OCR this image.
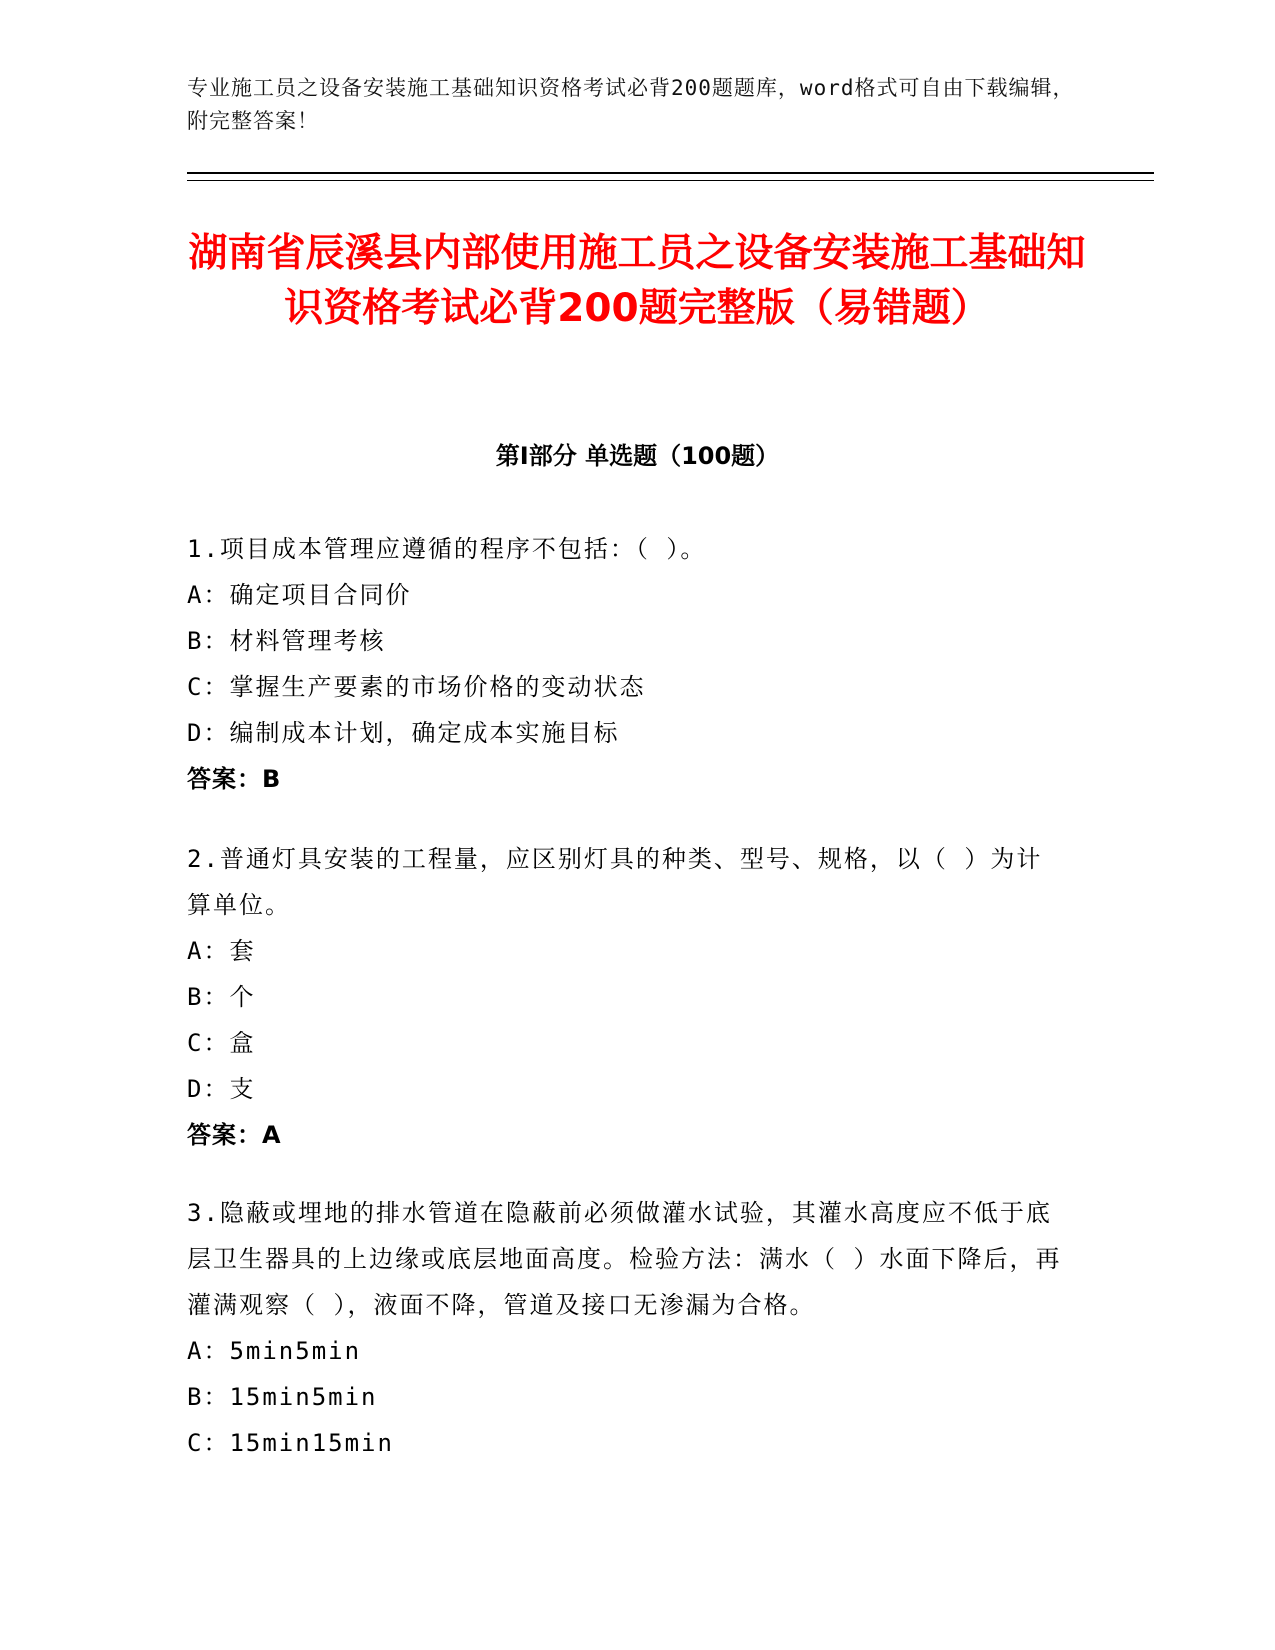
专业施工员之设备安装施工基础知识资格考试必背200题题库，word格式可自由下载编辑，附完整答案！
湖南省辰溪县内部使用施工员之设备安装施工基础知识资格考试必背200题完整版（易错题）
第Ⅰ部分 单选题（100题）
1.项目成本管理应遵循的程序不包括：（ ）。
A：确定项目合同价
B：材料管理考核
C：掌握生产要素的市场价格的变动状态
D：编制成本计划，确定成本实施目标
答案：B
2.普通灯具安装的工程量，应区别灯具的种类、型号、规格，以（ ）为计算单位。
A：套
B：个
C：盒
D：支
答案：A
3.隐蔽或埋地的排水管道在隐蔽前必须做灌水试验，其灌水高度应不低于底层卫生器具的上边缘或底层地面高度。检验方法：满水（ ）水面下降后，再灌满观察（ ），液面不降，管道及接口无渗漏为合格。
A：5min5min
B：15min5min
C：15min15min
